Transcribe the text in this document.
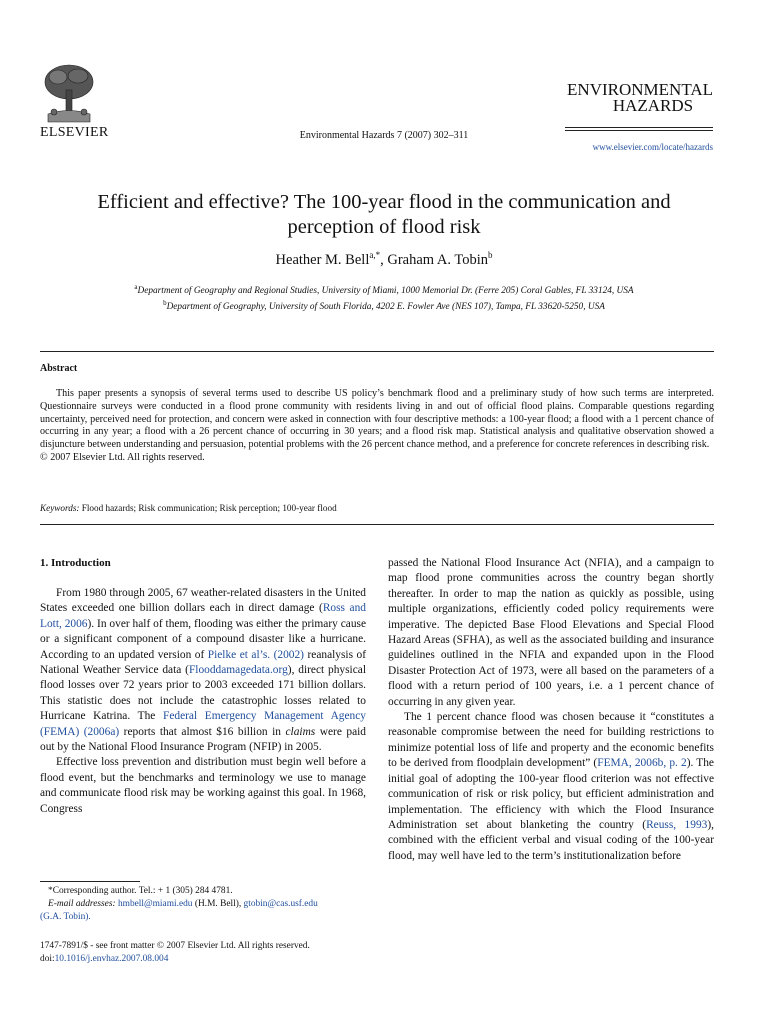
ELSEVIER	Environmental Hazards 7 (2007) 302–311
ENVIRONMENTAL

HAZARDS
www.elsevier.com/locate/hazards
Efficient and effective? The 100-year flood in the communication and
perception of flood risk
Heather M. Bell$^{a,*}$, Graham A. Tobin$^b$
$^a$Department of Geography and Regional Studies, University of Miami, 1000 Memorial Dr. (Ferre 205) Coral Gables, FL 33124, USA
$^b$Department of Geography, University of South Florida, 4202 E. Fowler Ave (NES 107), Tampa, FL 33620-5250, USA
Abstract
This paper presents a synopsis of several terms used to describe US policy’s benchmark flood and a preliminary study of how such terms are interpreted. Questionnaire surveys were conducted in a flood prone community with residents living in and out of official flood plains. Comparable questions regarding uncertainty, perceived need for protection, and concern were asked in connection with four descriptive methods: a 100-year flood; a flood with a 1 percent chance of occurring in any year; a flood with a 26 percent chance of occurring in 30 years; and a flood risk map. Statistical analysis and qualitative observation showed a disjuncture between understanding and persuasion, potential problems with the 26 percent chance method, and a preference for concrete references in describing risk.
© 2007 Elsevier Ltd. All rights reserved.
Keywords: Flood hazards; Risk communication; Risk perception; 100-year flood
1. Introduction

From 1980 through 2005, 67 weather-related disasters in the United States exceeded one billion dollars each in direct damage (Ross and Lott, 2006). In over half of them, flooding was either the primary cause or a significant component of a compound disaster like a hurricane. According to an updated version of Pielke et al’s. (2002) reanalysis of National Weather Service data (Flooddamagedata.org), direct physical flood losses over 72 years prior to 2003 exceeded 171 billion dollars. This statistic does not include the catastrophic losses related to Hurricane Katrina. The Federal Emergency Management Agency (FEMA) (2006a) reports that almost $16 billion in claims were paid out by the National Flood Insurance Program (NFIP) in 2005.

Effective loss prevention and distribution must begin well before a flood event, but the benchmarks and terminology we use to manage and communicate flood risk may be working against this goal. In 1968, Congress

passed the National Flood Insurance Act (NFIA), and a campaign to map flood prone communities across the country began shortly thereafter. In order to map the nation as quickly as possible, using multiple organizations, efficiently coded policy requirements were imperative. The depicted Base Flood Elevations and Special Flood Hazard Areas (SFHA), as well as the associated building and insurance guidelines outlined in the NFIA and expanded upon in the Flood Disaster Protection Act of 1973, were all based on the parameters of a flood with a return period of 100 years, i.e. a 1 percent chance of occurring in any given year.

The 1 percent chance flood was chosen because it “constitutes a reasonable compromise between the need for building restrictions to minimize potential loss of life and property and the economic benefits to be derived from floodplain development” (FEMA, 2006b, p. 2). The initial goal of adopting the 100-year flood criterion was not effective communication of risk or risk policy, but efficient administration and implementation. The efficiency with which the Flood Insurance Administration set about blanketing the country (Reuss, 1993), combined with the efficient verbal and visual coding of the 100-year flood, may well have led to the term’s institutionalization before

*Corresponding author. Tel.: + 1 (305) 284 4781.

E-mail addresses: hmbell@miami.edu (H.M. Bell), gtobin@cas.usf.edu
(G.A. Tobin).

1747-7891/$ - see front matter © 2007 Elsevier Ltd. All rights reserved.
doi:10.1016/j.envhaz.2007.08.004
